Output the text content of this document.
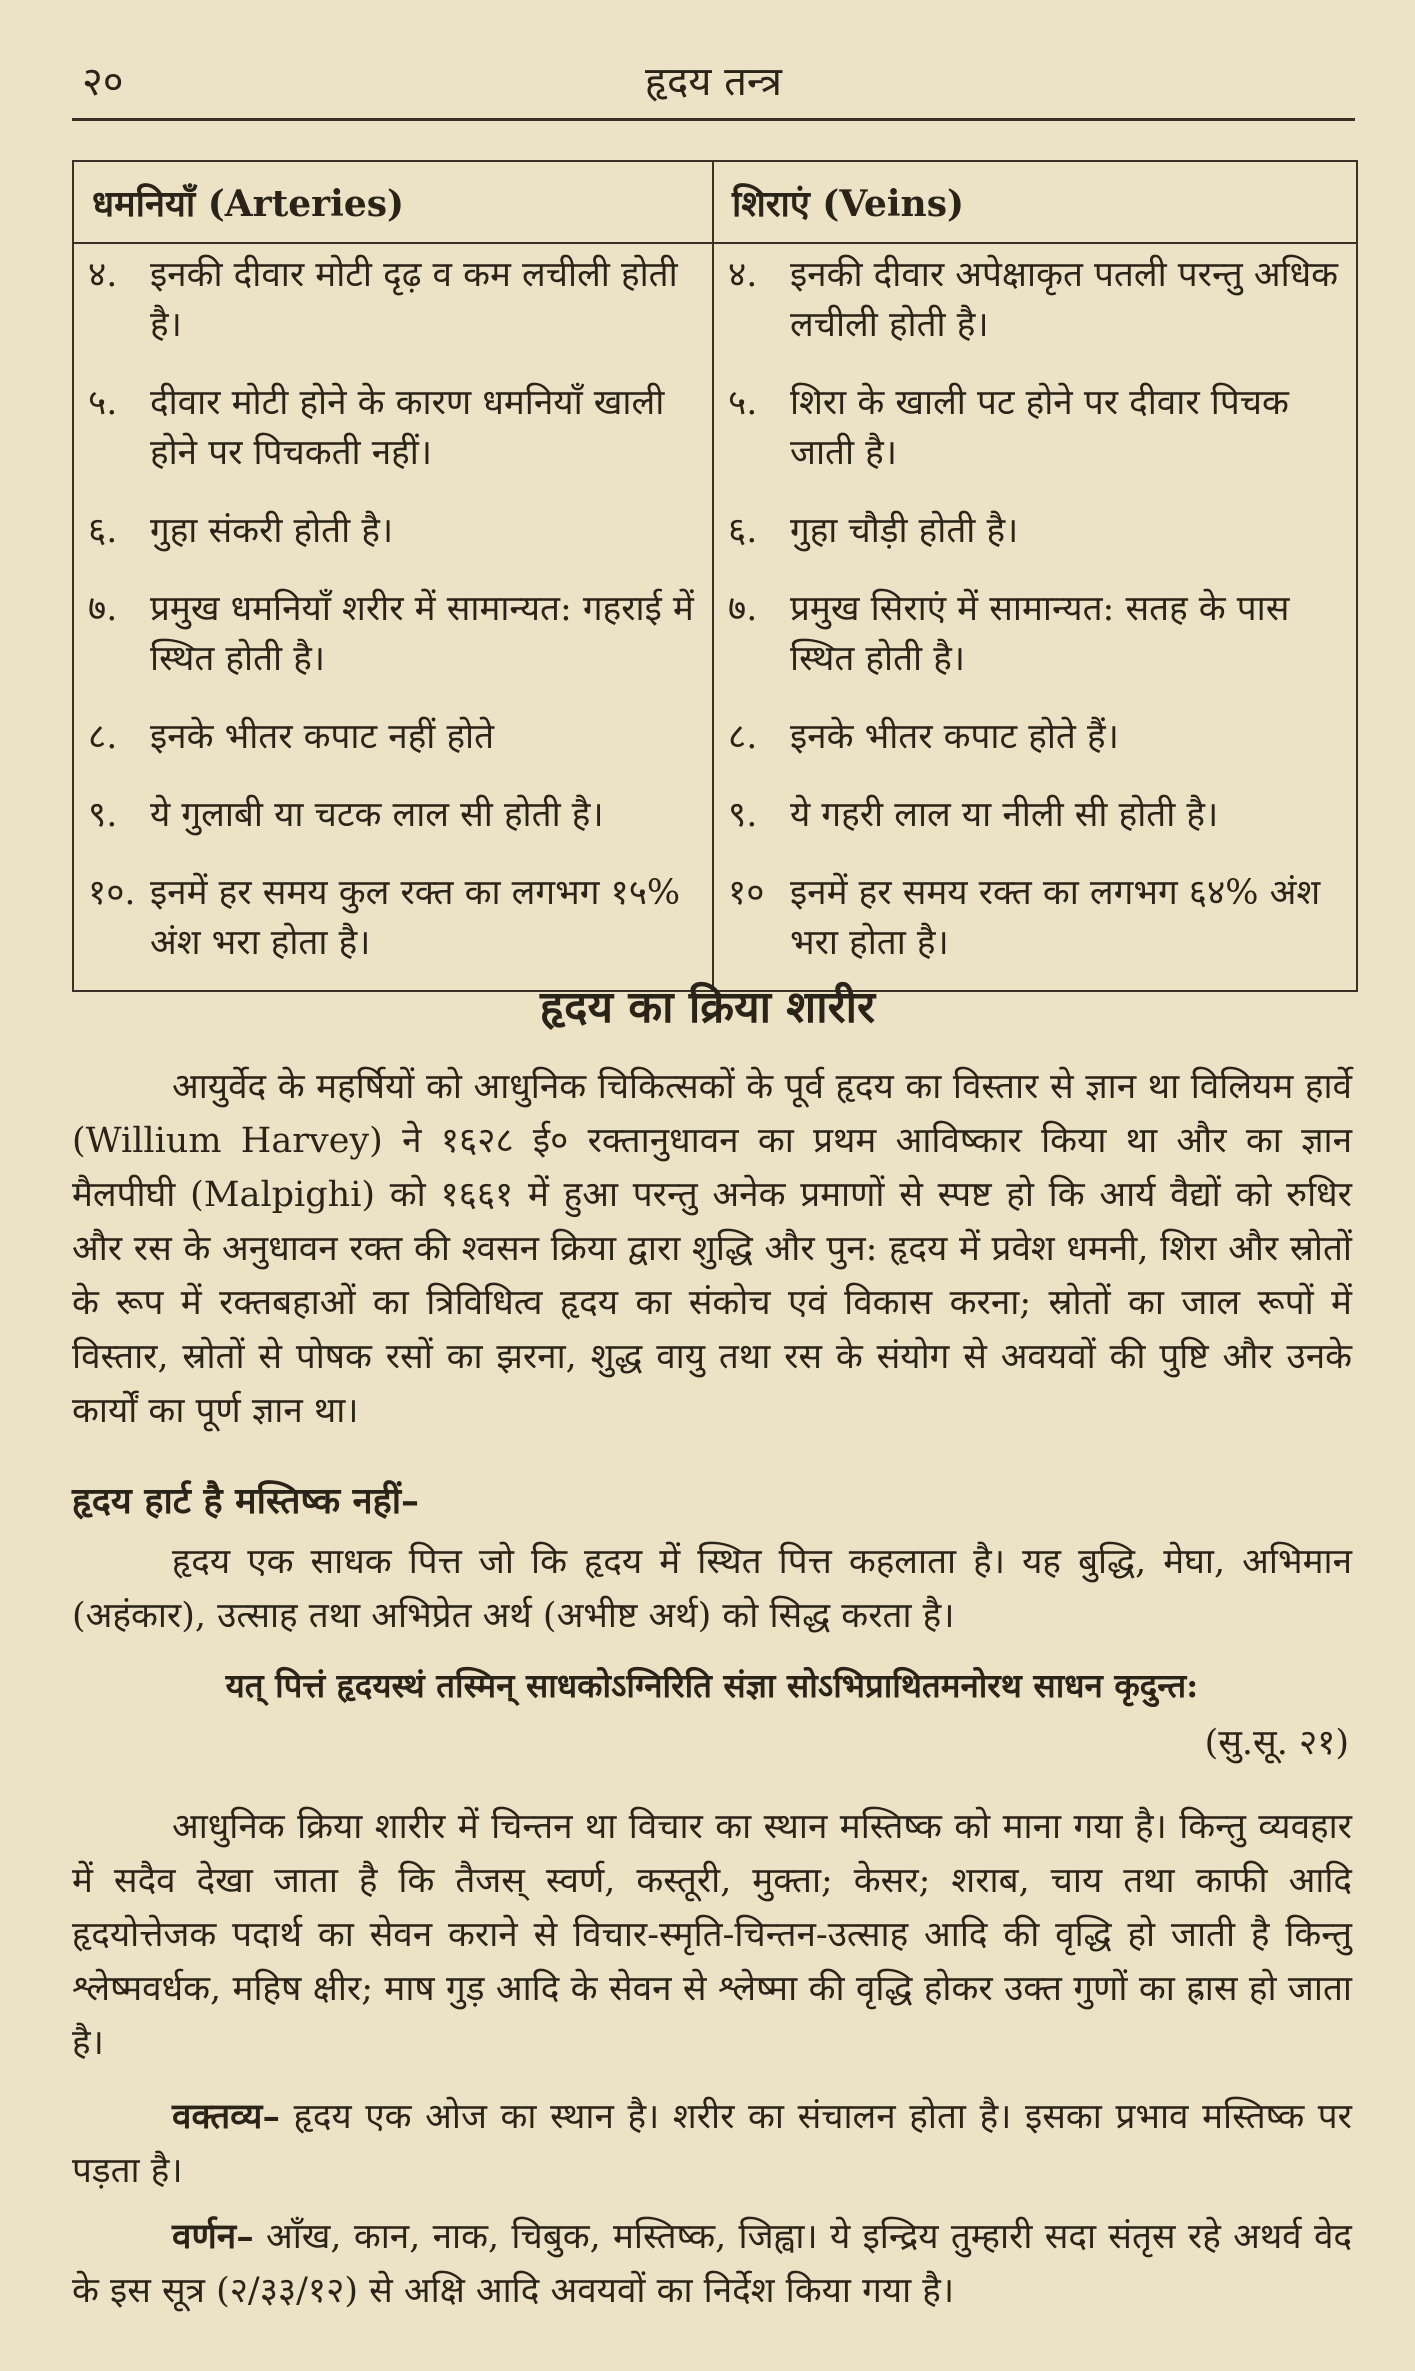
२०	हृदय तन्त्र
धमनियाँ (Arteries)	शिराएं (Veins)

४. इनकी दीवार मोटी दृढ़ व कम लचीली होती है।	४. इनकी दीवार अपेक्षाकृत पतली परन्तु अधिक लचीली होती है।

५. दीवार मोटी होने के कारण धमनियाँ खाली होने पर पिचकती नहीं।	५. शिरा के खाली पट होने पर दीवार पिचक जाती है।

६. गुहा संकरी होती है।	६. गुहा चौड़ी होती है।

७. प्रमुख धमनियाँ शरीर में सामान्यत: गहराई में स्थित होती है।	७. प्रमुख सिराएं में सामान्यत: सतह के पास स्थित होती है।

८. इनके भीतर कपाट नहीं होते	८. इनके भीतर कपाट होते हैं।

९. ये गुलाबी या चटक लाल सी होती है।	९. ये गहरी लाल या नीली सी होती है।

१०. इनमें हर समय कुल रक्त का लगभग १५% अंश भरा होता है।	१० इनमें हर समय रक्त का लगभग ६४% अंश भरा होता है।
हृदय का क्रिया शारीर

आयुर्वेद के महर्षियों को आधुनिक चिकित्सकों के पूर्व हृदय का विस्तार से ज्ञान था विलियम हार्वे (Willium Harvey) ने १६२८ ई० रक्तानुधावन का प्रथम आविष्कार किया था और का ज्ञान मैलपीघी (Malpighi) को १६६१ में हुआ परन्तु अनेक प्रमाणों से स्पष्ट हो कि आर्य वैद्यों को रुधिर और रस के अनुधावन रक्त की श्वसन क्रिया द्वारा शुद्धि और पुन: हृदय में प्रवेश धमनी, शिरा और स्रोतों के रूप में रक्तबहाओं का त्रिविधित्व हृदय का संकोच एवं विकास करना; स्रोतों का जाल रूपों में विस्तार, स्रोतों से पोषक रसों का झरना, शुद्ध वायु तथा रस के संयोग से अवयवों की पुष्टि और उनके कार्यों का पूर्ण ज्ञान था।

हृदय हार्ट है मस्तिष्क नहीं–

हृदय एक साधक पित्त जो कि हृदय में स्थित पित्त कहलाता है। यह बुद्धि, मेघा, अभिमान (अहंकार), उत्साह तथा अभिप्रेत अर्थ (अभीष्ट अर्थ) को सिद्ध करता है।

यत् पित्तं हृदयस्थं तस्मिन् साधकोऽग्निरिति संज्ञा सोऽभिप्राथितमनोरथ साधन कृदुन्त:
(सु.सू. २१)

आधुनिक क्रिया शारीर में चिन्तन था विचार का स्थान मस्तिष्क को माना गया है। किन्तु व्यवहार में सदैव देखा जाता है कि तैजस् स्वर्ण, कस्तूरी, मुक्ता; केसर; शराब, चाय तथा काफी आदि हृदयोत्तेजक पदार्थ का सेवन कराने से विचार-स्मृति-चिन्तन-उत्साह आदि की वृद्धि हो जाती है किन्तु श्लेष्मवर्धक, महिष क्षीर; माष गुड़ आदि के सेवन से श्लेष्मा की वृद्धि होकर उक्त गुणों का ह्रास हो जाता है।

वक्तव्य– हृदय एक ओज का स्थान है। शरीर का संचालन होता है। इसका प्रभाव मस्तिष्क पर पड़ता है।

वर्णन– आँख, कान, नाक, चिबुक, मस्तिष्क, जिह्वा। ये इन्द्रिय तुम्हारी सदा संतृस रहे अथर्व वेद के इस सूत्र (२/३३/१२) से अक्षि आदि अवयवों का निर्देश किया गया है।
